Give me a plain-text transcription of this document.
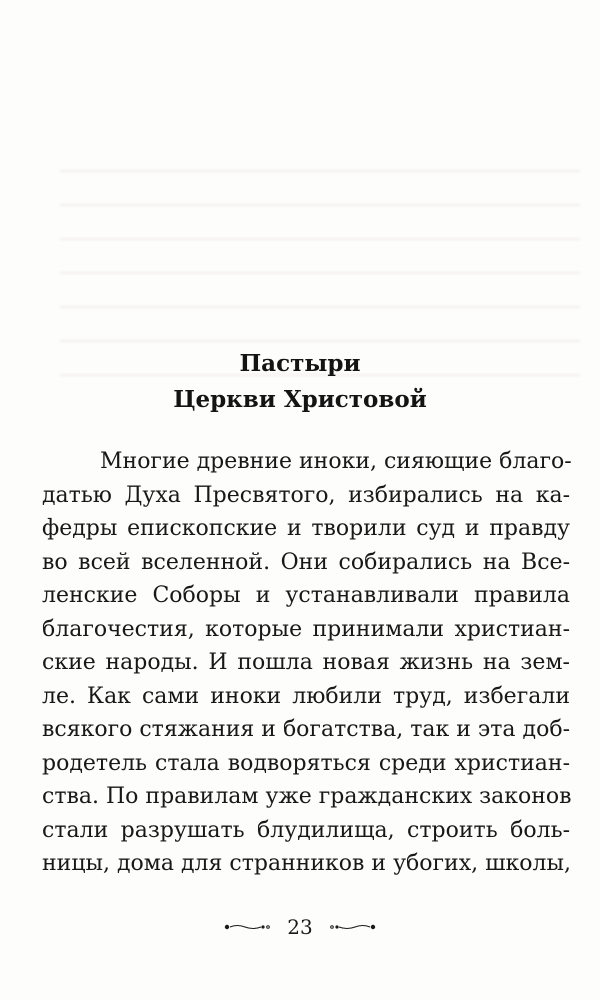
Пастыри
Церкви Христовой
Многие древние иноки, сияющие благо-
датью Духа Пресвятого, избирались на ка-
федры епископские и творили суд и правду
во всей вселенной. Они собирались на Все-
ленские Соборы и устанавливали правила
благочестия, которые принимали христиан-
ские народы. И пошла новая жизнь на зем-
ле. Как сами иноки любили труд, избегали
всякого стяжания и богатства, так и эта доб-
родетель стала водворяться среди христиан-
ства. По правилам уже гражданских законов
стали разрушать блудилища, строить боль-
ницы, дома для странников и убогих, школы,
23
